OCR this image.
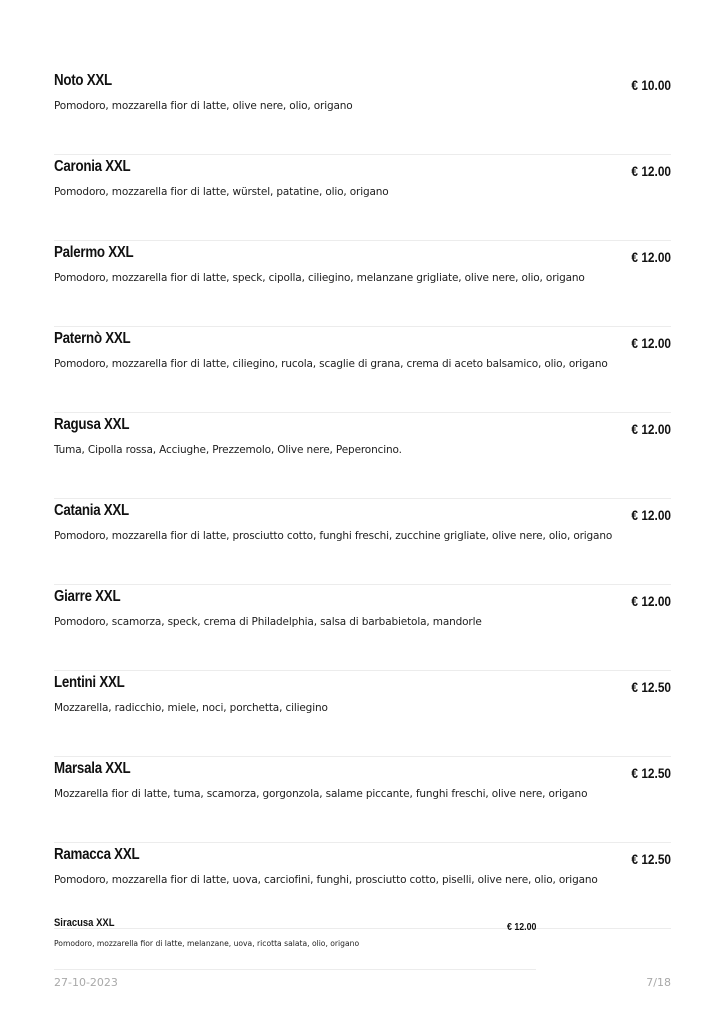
Noto XXL
Pomodoro, mozzarella fior di latte, olive nere, olio, origano
€ 10.00
Caronia XXL
Pomodoro, mozzarella fior di latte, würstel, patatine, olio, origano
€ 12.00
Palermo XXL
Pomodoro, mozzarella fior di latte, speck, cipolla, ciliegino, melanzane grigliate, olive nere, olio, origano
€ 12.00
Paternò XXL
Pomodoro, mozzarella fior di latte, ciliegino, rucola, scaglie di grana, crema di aceto balsamico, olio, origano
€ 12.00
Ragusa XXL
Tuma, Cipolla rossa, Acciughe, Prezzemolo, Olive nere, Peperoncino.
€ 12.00
Catania XXL
Pomodoro, mozzarella fior di latte, prosciutto cotto, funghi freschi, zucchine grigliate, olive nere, olio, origano
€ 12.00
Giarre XXL
Pomodoro, scamorza, speck, crema di Philadelphia, salsa di barbabietola, mandorle
€ 12.00
Lentini XXL
Mozzarella, radicchio, miele, noci, porchetta, ciliegino
€ 12.50
Marsala XXL
Mozzarella fior di latte, tuma, scamorza, gorgonzola, salame piccante, funghi freschi, olive nere, origano
€ 12.50
Ramacca XXL
Pomodoro, mozzarella fior di latte, uova, carciofini, funghi, prosciutto cotto, piselli, olive nere, olio, origano
€ 12.50
Siracusa XXL
Pomodoro, mozzarella fior di latte, melanzane, uova, ricotta salata, olio, origano
€ 12.00
27-10-2023	7/18
